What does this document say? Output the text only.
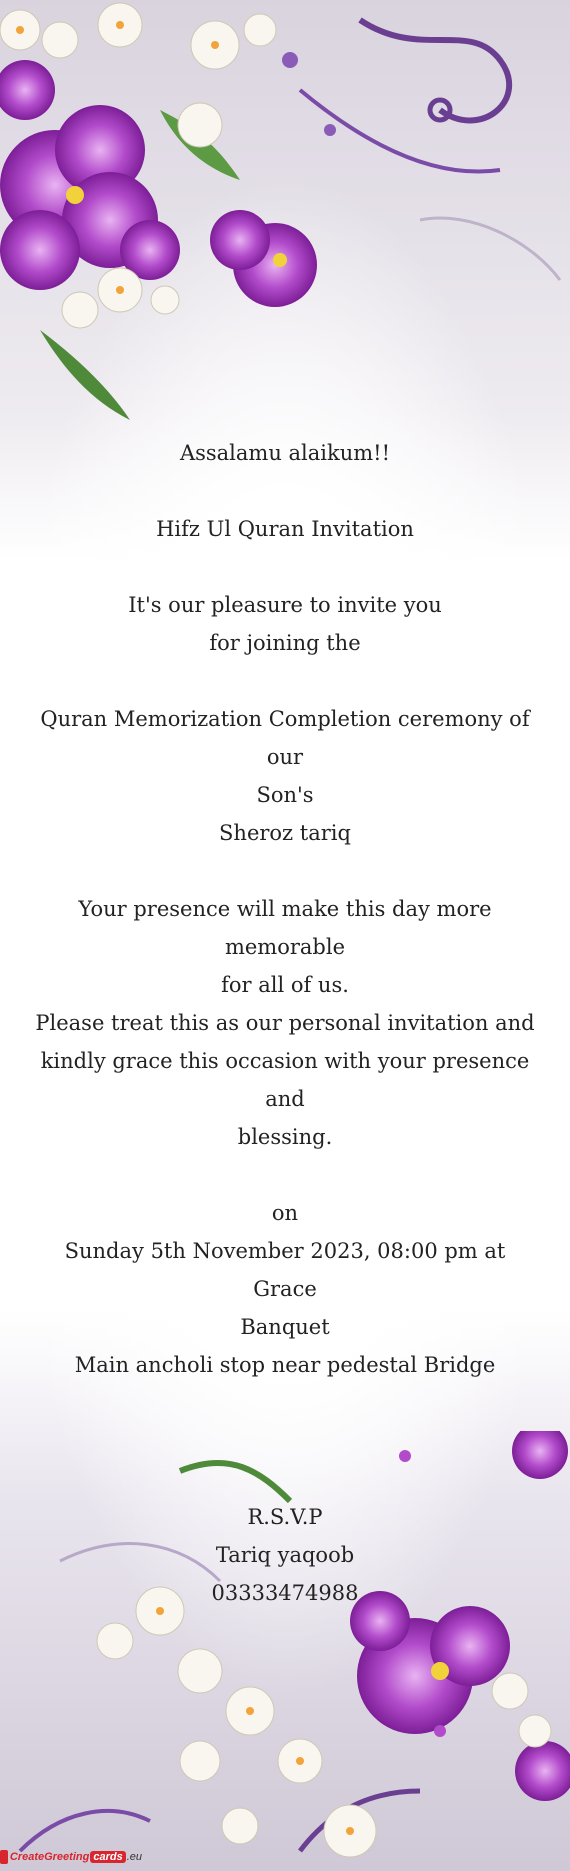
Assalamu alaikum!!
Hifz Ul Quran Invitation
It's our pleasure to invite you
for joining the
Quran Memorization Completion ceremony of our
Son's
Sheroz tariq
Your presence will make this day more memorable
for all of us.
Please treat this as our personal invitation and
kindly grace this occasion with your presence and
blessing.
on
Sunday 5th November 2023, 08:00 pm at Grace
Banquet
Main ancholi stop near pedestal Bridge
R.S.V.P
Tariq yaqoob
03333474988
CreateGreeting cards .eu
